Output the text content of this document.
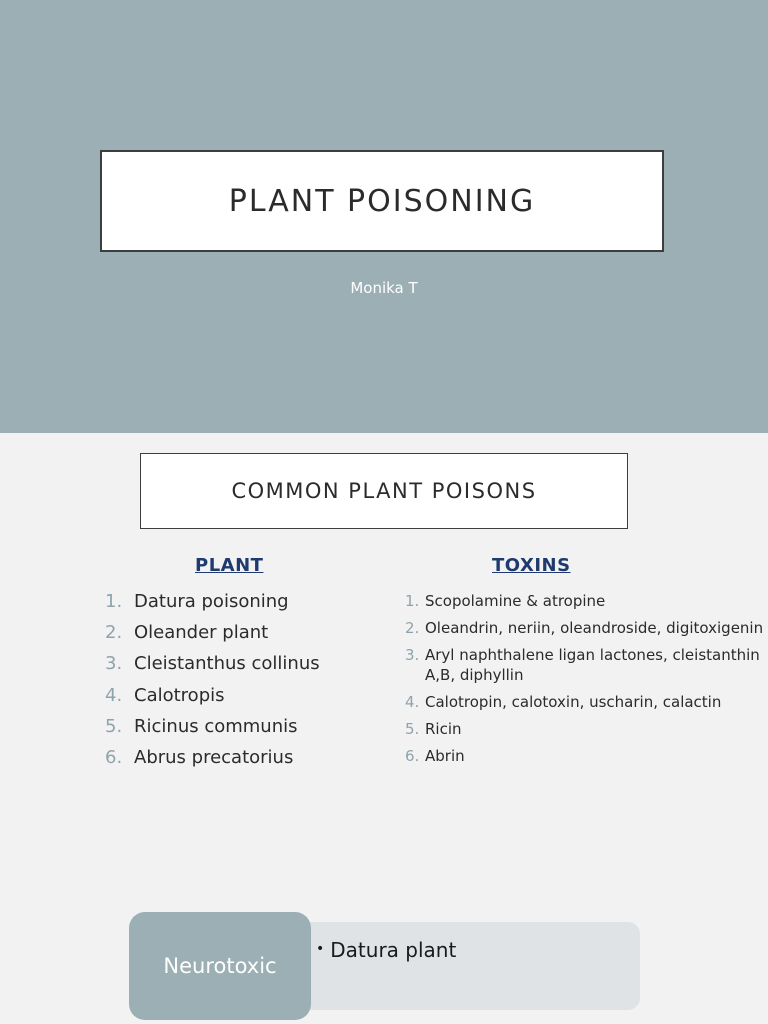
PLANT POISONING
Monika T
COMMON PLANT POISONS
PLANT	TOXINS
1. Datura poisoning
2. Oleander plant
3. Cleistanthus collinus
4. Calotropis
5. Ricinus communis
6. Abrus precatorius
1. Scopolamine & atropine
2. Oleandrin, neriin, oleandroside, digitoxigenin
3. Aryl naphthalene ligan lactones, cleistanthin A,B, diphyllin
4. Calotropin, calotoxin, uscharin, calactin
5. Ricin
6. Abrin
Neurotoxic
• Datura plant
